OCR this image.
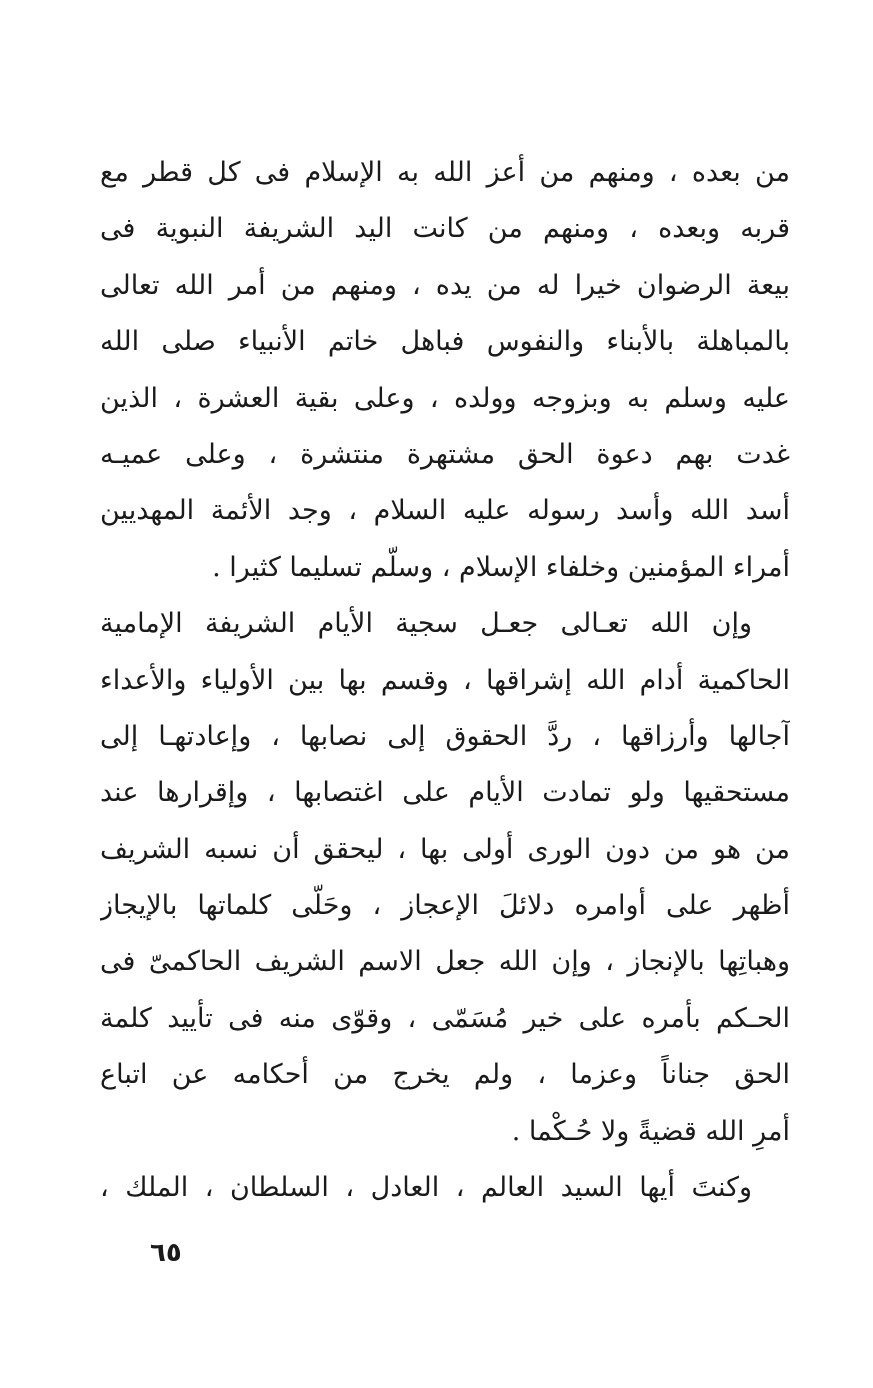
من بعده ، ومنهم من أعز الله به الإسلام فى كل قطر مع
قربه وبعده ، ومنهم من كانت اليد الشريفة النبوية فى
بيعة الرضوان خيرا له من يده ، ومنهم من أمر الله تعالى
بالمباهلة بالأبناء والنفوس فباهل خاتم الأنبياء صلى الله
عليه وسلم به وبزوجه وولده ، وعلى بقية العشرة ، الذين
غدت بهم دعوة الحق مشتهرة منتشرة ، وعلى عميـه
أسد الله وأسد رسوله عليه السلام ، وجد الأئمة المهديين
أمراء المؤمنين وخلفاء الإسلام ، وسلّم تسليما كثيرا .
وإن الله تعـالى جعـل سجية الأيام الشريفة الإمامية
الحاكمية أدام الله إشراقها ، وقسم بها بين الأولياء والأعداء
آجالها وأرزاقها ، ردَّ الحقوق إلى نصابها ، وإعادتهـا إلى
مستحقيها ولو تمادت الأيام على اغتصابها ، وإقرارها عند
من هو من دون الورى أولى بها ، ليحقق أن نسبه الشريف
أظهر على أوامره دلائلَ الإعجاز ، وحَلّى كلماتها بالإيجاز
وهباتِها بالإنجاز ، وإن الله جعل الاسم الشريف الحاكمىّ فى
الحـكم بأمره على خير مُسَمّى ، وقوّى منه فى تأييد كلمة
الحق جناناً وعزما ، ولم يخرج من أحكامه عن اتباع
أمرِ الله قضيةً ولا حُـكْما .
وكنتَ أيها السيد العالم ، العادل ، السلطان ، الملك ،
٦٥
